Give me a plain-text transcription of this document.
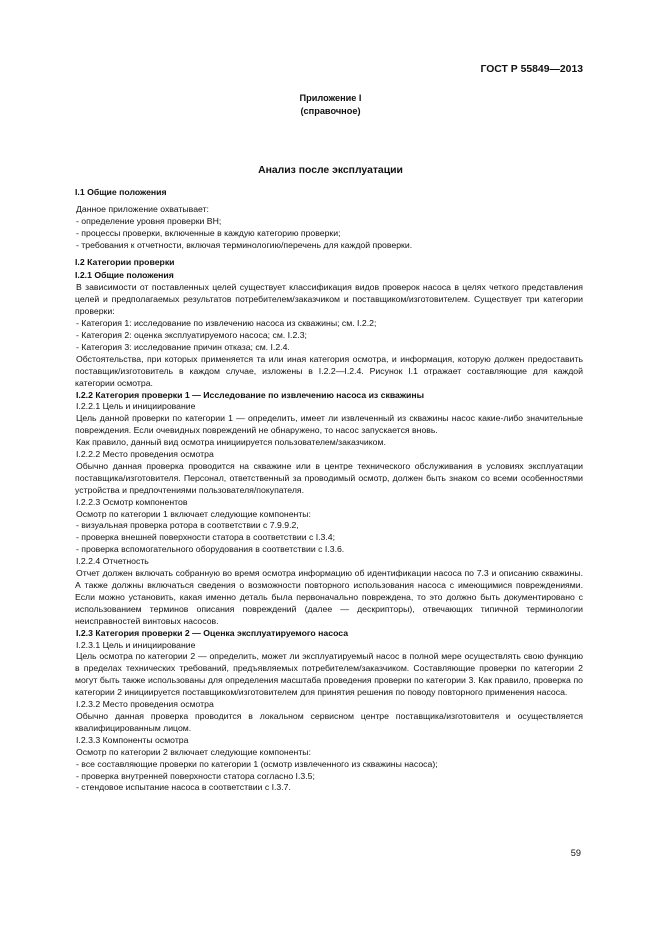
ГОСТ Р 55849—2013
Приложение I
(справочное)
Анализ после эксплуатации

I.1 Общие положения

Данное приложение охватывает:

- определение уровня проверки ВН;

- процессы проверки, включенные в каждую категорию проверки;

- требования к отчетности, включая терминологию/перечень для каждой проверки.

I.2 Категории проверки

I.2.1 Общие положения

В зависимости от поставленных целей существует классификация видов проверок насоса в целях четкого представления целей и предполагаемых результатов потребителем/заказчиком и поставщиком/изготовителем. Существует три категории проверки:

- Категория 1: исследование по извлечению насоса из скважины; см. I.2.2;

- Категория 2: оценка эксплуатируемого насоса; см. I.2.3;

- Категория 3: исследование причин отказа; см. I.2.4.

Обстоятельства, при которых применяется та или иная категория осмотра, и информация, которую должен предоставить поставщик/изготовитель в каждом случае, изложены в I.2.2—I.2.4. Рисунок I.1 отражает составляющие для каждой категории осмотра.

I.2.2 Категория проверки 1 — Исследование по извлечению насоса из скважины

I.2.2.1 Цель и инициирование

Цель данной проверки по категории 1 — определить, имеет ли извлеченный из скважины насос какие-либо значительные повреждения. Если очевидных повреждений не обнаружено, то насос запускается вновь.

Как правило, данный вид осмотра инициируется пользователем/заказчиком.

I.2.2.2 Место проведения осмотра

Обычно данная проверка проводится на скважине или в центре технического обслуживания в условиях эксплуатации поставщика/изготовителя. Персонал, ответственный за проводимый осмотр, должен быть знаком со всеми особенностями устройства и предпочтениями пользователя/покупателя.

I.2.2.3 Осмотр компонентов

Осмотр по категории 1 включает следующие компоненты:

- визуальная проверка ротора в соответствии с 7.9.9.2,

- проверка внешней поверхности статора в соответствии с I.3.4;

- проверка вспомогательного оборудования в соответствии с I.3.6.

I.2.2.4 Отчетность

Отчет должен включать собранную во время осмотра информацию об идентификации насоса по 7.3 и описанию скважины. А также должны включаться сведения о возможности повторного использования насоса с имеющимися повреждениями. Если можно установить, какая именно деталь была первоначально повреждена, то это должно быть документировано с использованием терминов описания повреждений (далее — дескрипторы), отвечающих типичной терминологии неисправностей винтовых насосов.

I.2.3 Категория проверки 2 — Оценка эксплуатируемого насоса

I.2.3.1 Цель и инициирование

Цель осмотра по категории 2 — определить, может ли эксплуатируемый насос в полной мере осуществлять свою функцию в пределах технических требований, предъявляемых потребителем/заказчиком. Составляющие проверки по категории 2 могут быть также использованы для определения масштаба проведения проверки по категории 3. Как правило, проверка по категории 2 инициируется поставщиком/изготовителем для принятия решения по поводу повторного применения насоса.

I.2.3.2 Место проведения осмотра

Обычно данная проверка проводится в локальном сервисном центре поставщика/изготовителя и осуществляется квалифицированным лицом.

I.2.3.3 Компоненты осмотра

Осмотр по категории 2 включает следующие компоненты:

- все составляющие проверки по категории 1 (осмотр извлеченного из скважины насоса);

- проверка внутренней поверхности статора согласно I.3.5;

- стендовое испытание насоса в соответствии с I.3.7.

59
